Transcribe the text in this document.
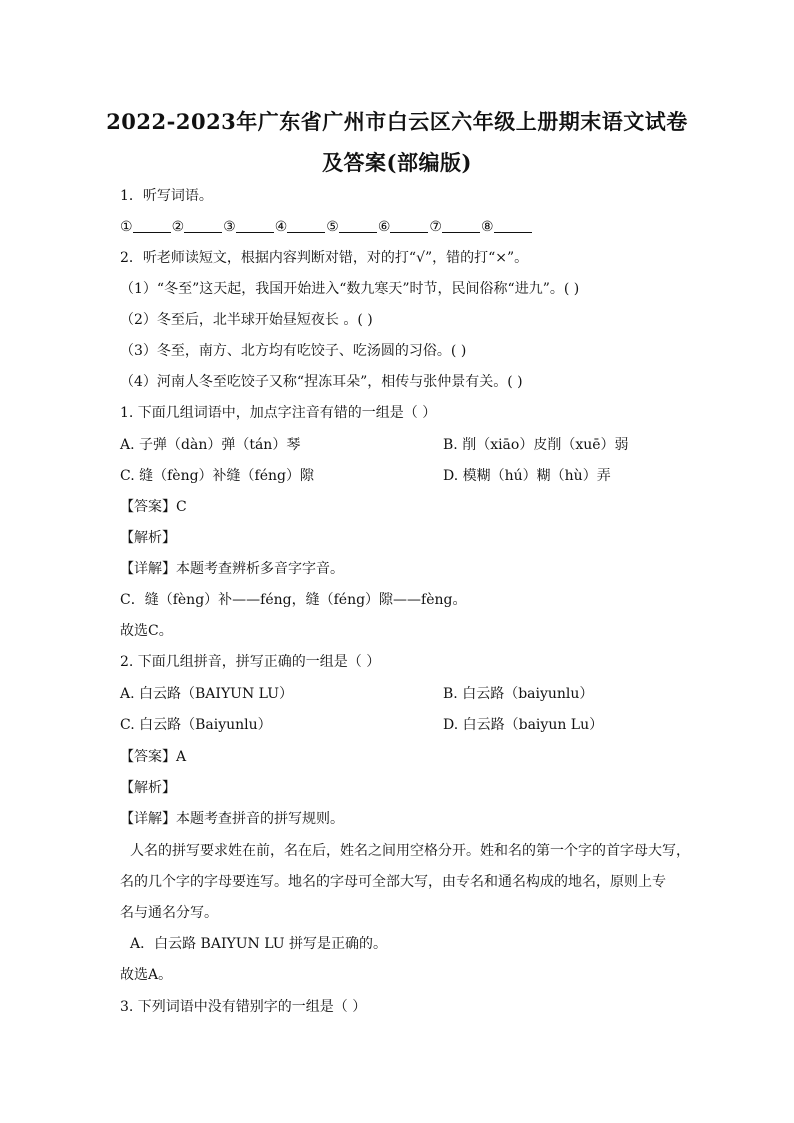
2022-2023年广东省广州市白云区六年级上册期末语文试卷
及答案(部编版)
1．听写词语。
①	②	③	④	⑤	⑥	⑦	⑧
2．听老师读短文，根据内容判断对错，对的打“√”，错的打“×”。
（1）“冬至”这天起，我国开始进入“数九寒天”时节，民间俗称“进九”。( )
（2）冬至后，北半球开始昼短夜长 。( )
（3）冬至，南方、北方均有吃饺子、吃汤圆的习俗。( )
（4）河南人冬至吃饺子又称“捏冻耳朵”，相传与张仲景有关。( )
1. 下面几组词语中，加点字注音有错的一组是（ ）
A. 子弹（dàn）弹（tán）琴	B. 削（xiāo）皮削（xuē）弱
C. 缝（fèng）补缝（féng）隙	D. 模糊（hú）糊（hù）弄
【答案】C
【解析】
【详解】本题考查辨析多音字字音。
C．缝（fèng）补——féng，缝（féng）隙——fèng。
故选C。
2. 下面几组拼音，拼写正确的一组是（ ）
A. 白云路（BAIYUN LU）	B. 白云路（baiyunlu）
C. 白云路（Baiyunlu）	D. 白云路（baiyun Lu）
【答案】A
【解析】
【详解】本题考查拼音的拼写规则。
人名的拼写要求姓在前，名在后，姓名之间用空格分开。姓和名的第一个字的首字母大写，
名的几个字的字母要连写。地名的字母可全部大写，由专名和通名构成的地名，原则上专
名与通名分写。
A．白云路 BAIYUN LU 拼写是正确的。
故选A。
3. 下列词语中没有错别字的一组是（ ）
